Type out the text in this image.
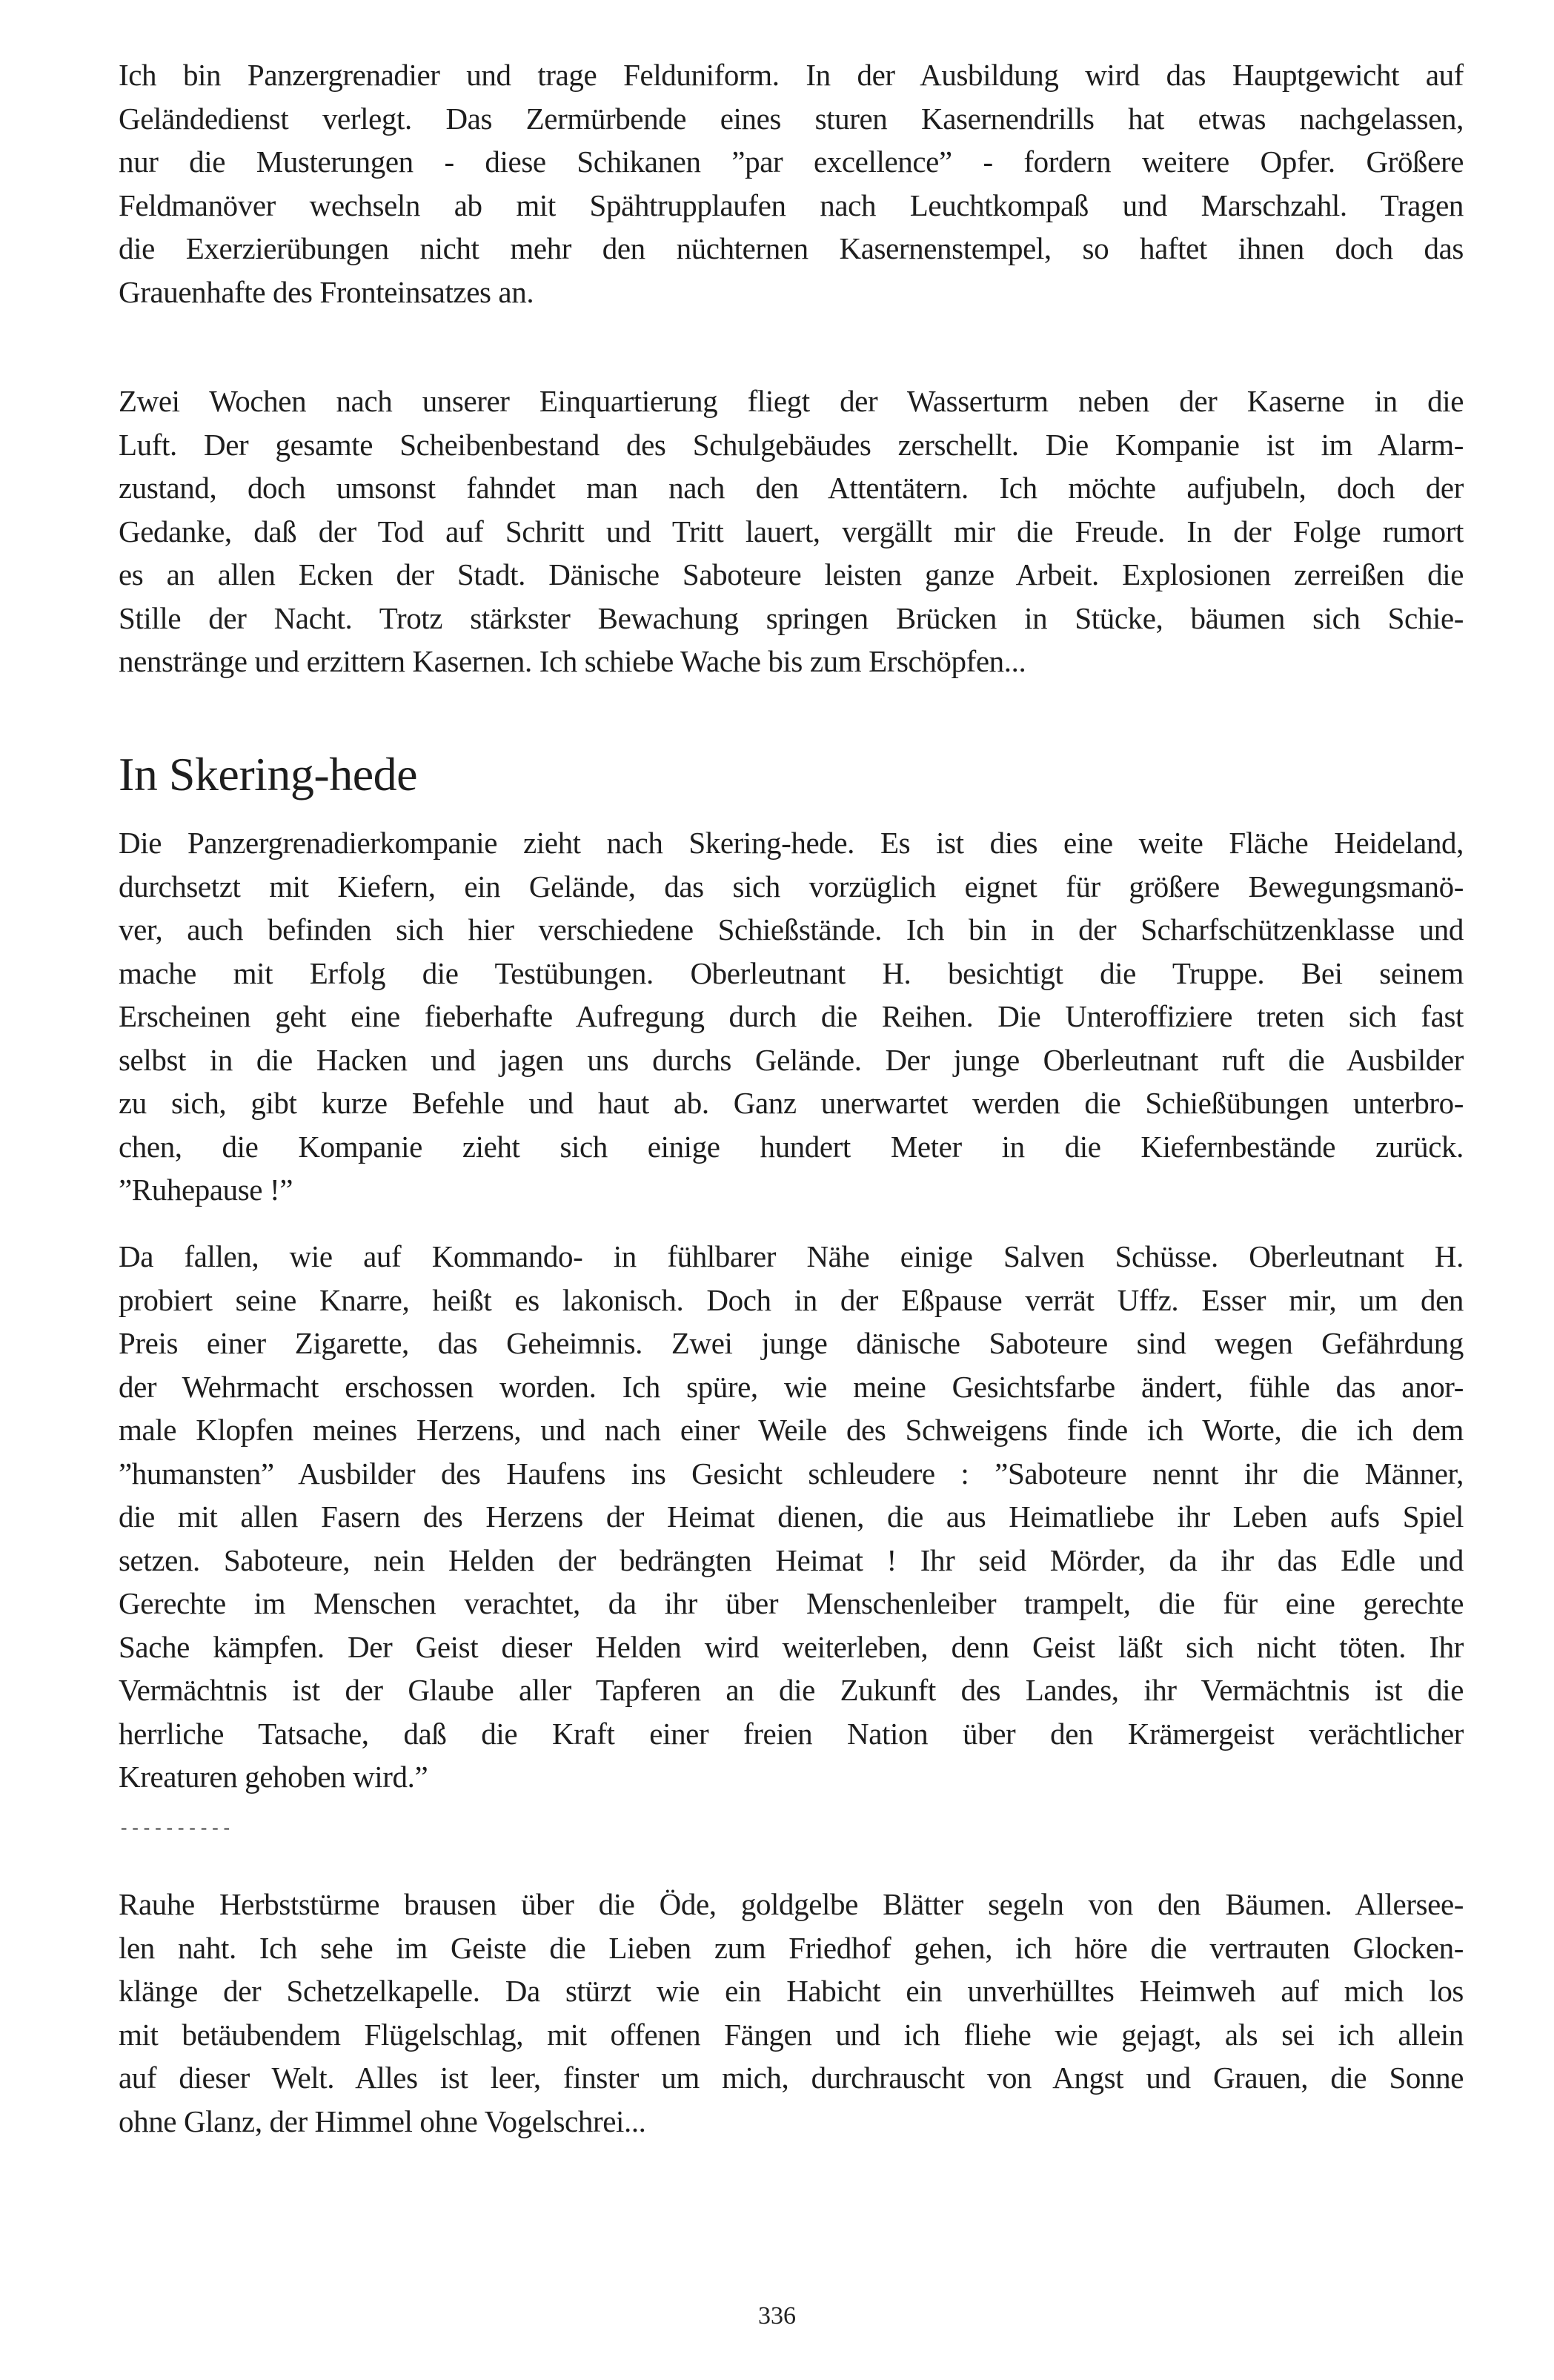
Ich bin Panzergrenadier und trage Felduniform. In der Ausbildung wird das Hauptgewicht auf
Geländedienst verlegt. Das Zermürbende eines sturen Kasernendrills hat etwas nachgelassen,
nur die Musterungen - diese Schikanen ”par excellence” - fordern weitere Opfer. Größere
Feldmanöver wechseln ab mit Spähtrupplaufen nach Leuchtkompaß und Marschzahl. Tragen
die Exerzierübungen nicht mehr den nüchternen Kasernenstempel, so haftet ihnen doch das
Grauenhafte des Fronteinsatzes an.
Zwei Wochen nach unserer Einquartierung fliegt der Wasserturm neben der Kaserne in die
Luft. Der gesamte Scheibenbestand des Schulgebäudes zerschellt. Die Kompanie ist im Alarm-
zustand, doch umsonst fahndet man nach den Attentätern. Ich möchte aufjubeln, doch der
Gedanke, daß der Tod auf Schritt und Tritt lauert, vergällt mir die Freude. In der Folge rumort
es an allen Ecken der Stadt. Dänische Saboteure leisten ganze Arbeit. Explosionen zerreißen die
Stille der Nacht. Trotz stärkster Bewachung springen Brücken in Stücke, bäumen sich Schie-
nenstränge und erzittern Kasernen. Ich schiebe Wache bis zum Erschöpfen...
In Skering-hede
Die Panzergrenadierkompanie zieht nach Skering-hede. Es ist dies eine weite Fläche Heideland,
durchsetzt mit Kiefern, ein Gelände, das sich vorzüglich eignet für größere Bewegungsmanö-
ver, auch befinden sich hier verschiedene Schießstände. Ich bin in der Scharfschützenklasse und
mache mit Erfolg die Testübungen. Oberleutnant H. besichtigt die Truppe. Bei seinem
Erscheinen geht eine fieberhafte Aufregung durch die Reihen. Die Unteroffiziere treten sich fast
selbst in die Hacken und jagen uns durchs Gelände. Der junge Oberleutnant ruft die Ausbilder
zu sich, gibt kurze Befehle und haut ab. Ganz unerwartet werden die Schießübungen unterbro-
chen, die Kompanie zieht sich einige hundert Meter in die Kiefernbestände zurück.
”Ruhepause !”
Da fallen, wie auf Kommando- in fühlbarer Nähe einige Salven Schüsse. Oberleutnant H.
probiert seine Knarre, heißt es lakonisch. Doch in der Eßpause verrät Uffz. Esser mir, um den
Preis einer Zigarette, das Geheimnis. Zwei junge dänische Saboteure sind wegen Gefährdung
der Wehrmacht erschossen worden. Ich spüre, wie meine Gesichtsfarbe ändert, fühle das anor-
male Klopfen meines Herzens, und nach einer Weile des Schweigens finde ich Worte, die ich dem
”humansten” Ausbilder des Haufens ins Gesicht schleudere : ”Saboteure nennt ihr die Männer,
die mit allen Fasern des Herzens der Heimat dienen, die aus Heimatliebe ihr Leben aufs Spiel
setzen. Saboteure, nein Helden der bedrängten Heimat ! Ihr seid Mörder, da ihr das Edle und
Gerechte im Menschen verachtet, da ihr über Menschenleiber trampelt, die für eine gerechte
Sache kämpfen. Der Geist dieser Helden wird weiterleben, denn Geist läßt sich nicht töten. Ihr
Vermächtnis ist der Glaube aller Tapferen an die Zukunft des Landes, ihr Vermächtnis ist die
herrliche Tatsache, daß die Kraft einer freien Nation über den Krämergeist verächtlicher
Kreaturen gehoben wird.”
----------
Rauhe Herbststürme brausen über die Öde, goldgelbe Blätter segeln von den Bäumen. Allersee-
len naht. Ich sehe im Geiste die Lieben zum Friedhof gehen, ich höre die vertrauten Glocken-
klänge der Schetzelkapelle. Da stürzt wie ein Habicht ein unverhülltes Heimweh auf mich los
mit betäubendem Flügelschlag, mit offenen Fängen und ich fliehe wie gejagt, als sei ich allein
auf dieser Welt. Alles ist leer, finster um mich, durchrauscht von Angst und Grauen, die Sonne
ohne Glanz, der Himmel ohne Vogelschrei...
336
